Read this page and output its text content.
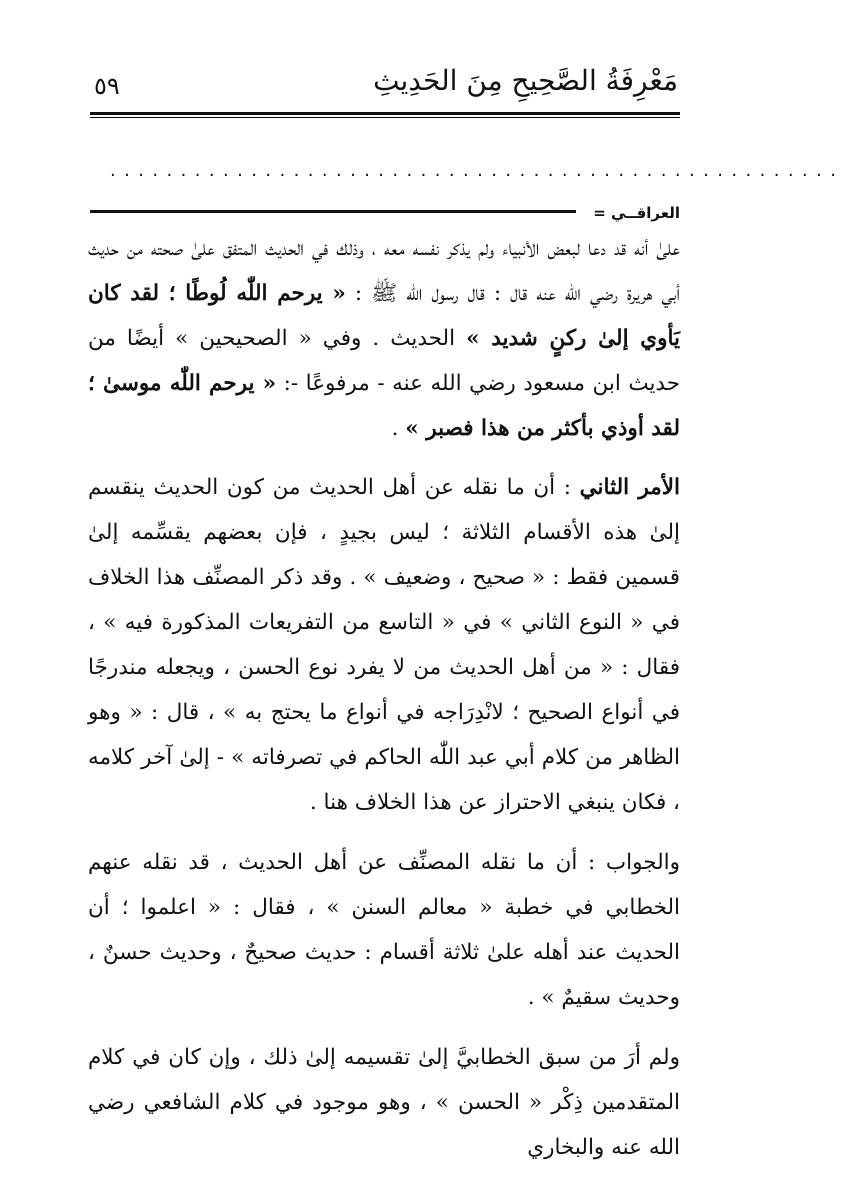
مَعْرِفَةُ الصَّحِيحِ مِنَ الحَدِيثِ
٥٩
....................................................
العراقــي =

علىٰ أنه قد دعا لبعض الأنبياء ولم يذكر نفسه معه ، وذلك في الحديث المتفق علىٰ صحته من حديث أبي هريرة رضي الله عنه قال : قال رسول اللّٰه ﷺ : « يرحم اللّٰه لُوطًا ؛ لقد كان يَأوي إلىٰ ركنٍ شديد » الحديث . وفي « الصحيحين » أيضًا من حديث ابن مسعود رضي الله عنه - مرفوعًا -: « يرحم اللّٰه موسىٰ ؛ لقد أوذي بأكثر من هذا فصبر » .

الأمر الثاني : أن ما نقله عن أهل الحديث من كون الحديث ينقسم إلىٰ هذه الأقسام الثلاثة ؛ ليس بجيدٍ ، فإن بعضهم يقسِّمه إلىٰ قسمين فقط : « صحيح ، وضعيف » . وقد ذكر المصنِّف هذا الخلاف في « النوع الثاني » في « التاسع من التفريعات المذكورة فيه » ، فقال : « من أهل الحديث من لا يفرد نوع الحسن ، ويجعله مندرجًا في أنواع الصحيح ؛ لانْدِرَاجه في أنواع ما يحتج به » ، قال : « وهو الظاهر من كلام أبي عبد اللّٰه الحاكم في تصرفاته » - إلىٰ آخر كلامه ، فكان ينبغي الاحتراز عن هذا الخلاف هنا .

والجواب : أن ما نقله المصنِّف عن أهل الحديث ، قد نقله عنهم الخطابي في خطبة « معالم السنن » ، فقال : « اعلموا ؛ أن الحديث عند أهله علىٰ ثلاثة أقسام : حديث صحيحٌ ، وحديث حسنٌ ، وحديث سقيمٌ » .

ولم أرَ من سبق الخطابيَّ إلىٰ تقسيمه إلىٰ ذلك ، وإن كان في كلام المتقدمين ذِكْر « الحسن » ، وهو موجود في كلام الشافعي رضي الله عنه والبخاري
